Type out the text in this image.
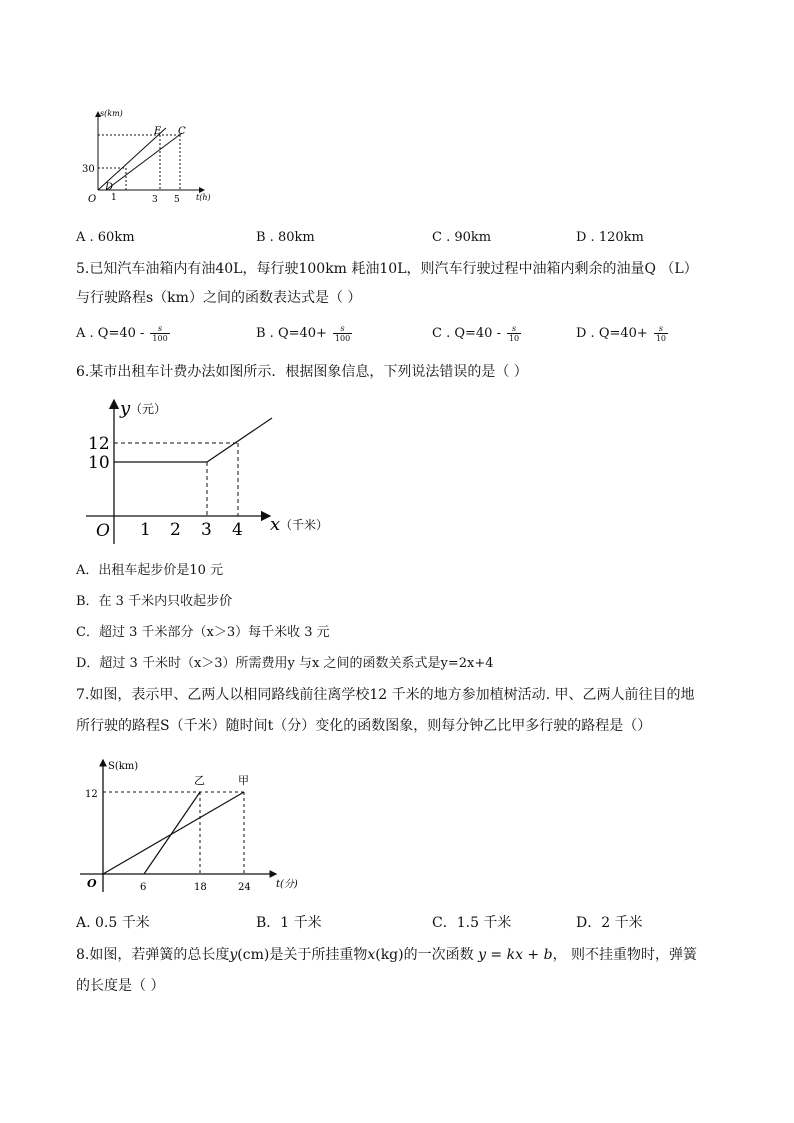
s(km)
t(h)
30
O 1	3 5
E C
D
A . 60km	B . 80km	C . 90km	D . 120km
5.已知汽车油箱内有油40L，每行驶100km 耗油10L，则汽车行驶过程中油箱内剩余的油量Q （L）
与行驶路程s（km）之间的函数表达式是（ ）
A . $Q=40 - \frac{s}{100}$	B . $Q=40+ \frac{s}{100}$	C . $Q=40 - \frac{s}{10}$	D . $Q=40+ \frac{s}{10}$
6.某市出租车计费办法如图所示．根据图象信息，下列说法错误的是（ ）
y （元）
x （千米）
O
12
10
1 2 3 4
A．出租车起步价是10 元
B．在 3 千米内只收起步价
C．超过 3 千米部分（x＞3）每千米收 3 元
D．超过 3 千米时（x＞3）所需费用y 与x 之间的函数关系式是y=2x+4
7.如图，表示甲、乙两人以相同路线前往离学校12 千米的地方参加植树活动. 甲、乙两人前往目的地
所行驶的路程S（千米）随时间t（分）变化的函数图象，则每分钟乙比甲多行驶的路程是（）
S(km)
t(分)
O
12
6	18	24
乙	甲
A. 0.5 千米	B．1 千米	C．1.5 千米	D．2 千米
8.如图，若弹簧的总长度y(cm)是关于所挂重物x(kg)的一次函数 y = kx + b， 则不挂重物时，弹簧
的长度是（ ）
